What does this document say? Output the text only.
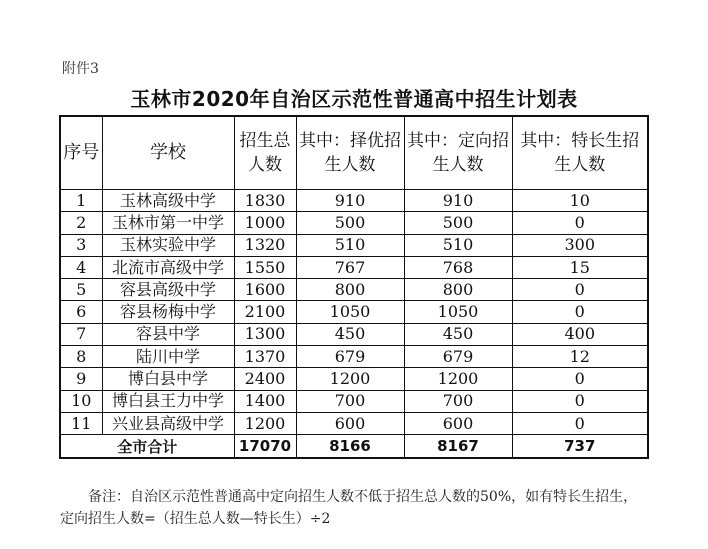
附件3
玉林市2020年自治区示范性普通高中招生计划表
序号	学校	招生总人数	其中：择优招生人数	其中：定向招生人数	其中：特长生招生人数
1	玉林高级中学	1830	910	910	10
2	玉林市第一中学	1000	500	500	0
3	玉林实验中学	1320	510	510	300
4	北流市高级中学	1550	767	768	15
5	容县高级中学	1600	800	800	0
6	容县杨梅中学	2100	1050	1050	0
7	容县中学	1300	450	450	400
8	陆川中学	1370	679	679	12
9	博白县中学	2400	1200	1200	0
10	博白县王力中学	1400	700	700	0
11	兴业县高级中学	1200	600	600	0
全市合计		17070	8166	8167	737
备注：自治区示范性普通高中定向招生人数不低于招生总人数的50%，如有特长生招生，定向招生人数=（招生总人数—特长生）÷2
